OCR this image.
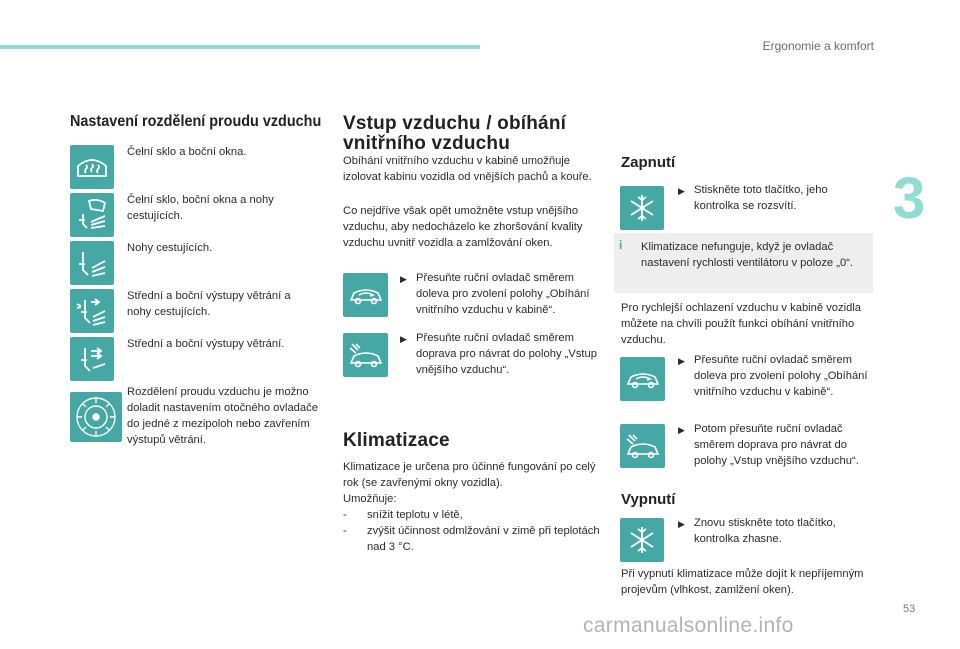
Ergonomie a komfort
3
53
carmanualsonline.info
Nastavení rozdělení proudu vzduchu
Čelní sklo a boční okna.
Čelní sklo, boční okna a nohy cestujících.
Nohy cestujících.
Střední a boční výstupy větrání a nohy cestujících.
Střední a boční výstupy větrání.
Rozdělení proudu vzduchu je možno doladit nastavením otočného ovladače do jedné z mezipoloh nebo zavřením výstupů větrání.
Vstup vzduchu / obíhání vnitřního vzduchu
Obíhání vnitřního vzduchu v kabině umožňuje izolovat kabinu vozidla od vnějších pachů a kouře.
Co nejdříve však opět umožněte vstup vnějšího vzduchu, aby nedocházelo ke zhoršování kvality vzduchu uvnitř vozidla a zamlžování oken.
▶ Přesuňte ruční ovladač směrem doleva pro zvolení polohy „Obíhání vnitřního vzduchu v kabině“.
▶ Přesuňte ruční ovladač směrem doprava pro návrat do polohy „Vstup vnějšího vzduchu“.
Klimatizace
Klimatizace je určena pro účinné fungování po celý rok (se zavřenými okny vozidla).
Umožňuje:
-	snížit teplotu v létě,
-	zvýšit účinnost odmlžování v zimě při teplotách nad 3 °C.
Zapnutí
▶ Stiskněte toto tlačítko, jeho kontrolka se rozsvítí.
i Klimatizace nefunguje, když je ovladač nastavení rychlosti ventilátoru v poloze „0“.
Pro rychlejší ochlazení vzduchu v kabině vozidla můžete na chvíli použít funkci obíhání vnitřního vzduchu.
▶ Přesuňte ruční ovladač směrem doleva pro zvolení polohy „Obíhání vnitřního vzduchu v kabině“.
▶ Potom přesuňte ruční ovladač směrem doprava pro návrat do polohy „Vstup vnějšího vzduchu“.
Vypnutí
▶ Znovu stiskněte toto tlačítko, kontrolka zhasne.
Při vypnutí klimatizace může dojít k nepříjemným projevům (vlhkost, zamlžení oken).
